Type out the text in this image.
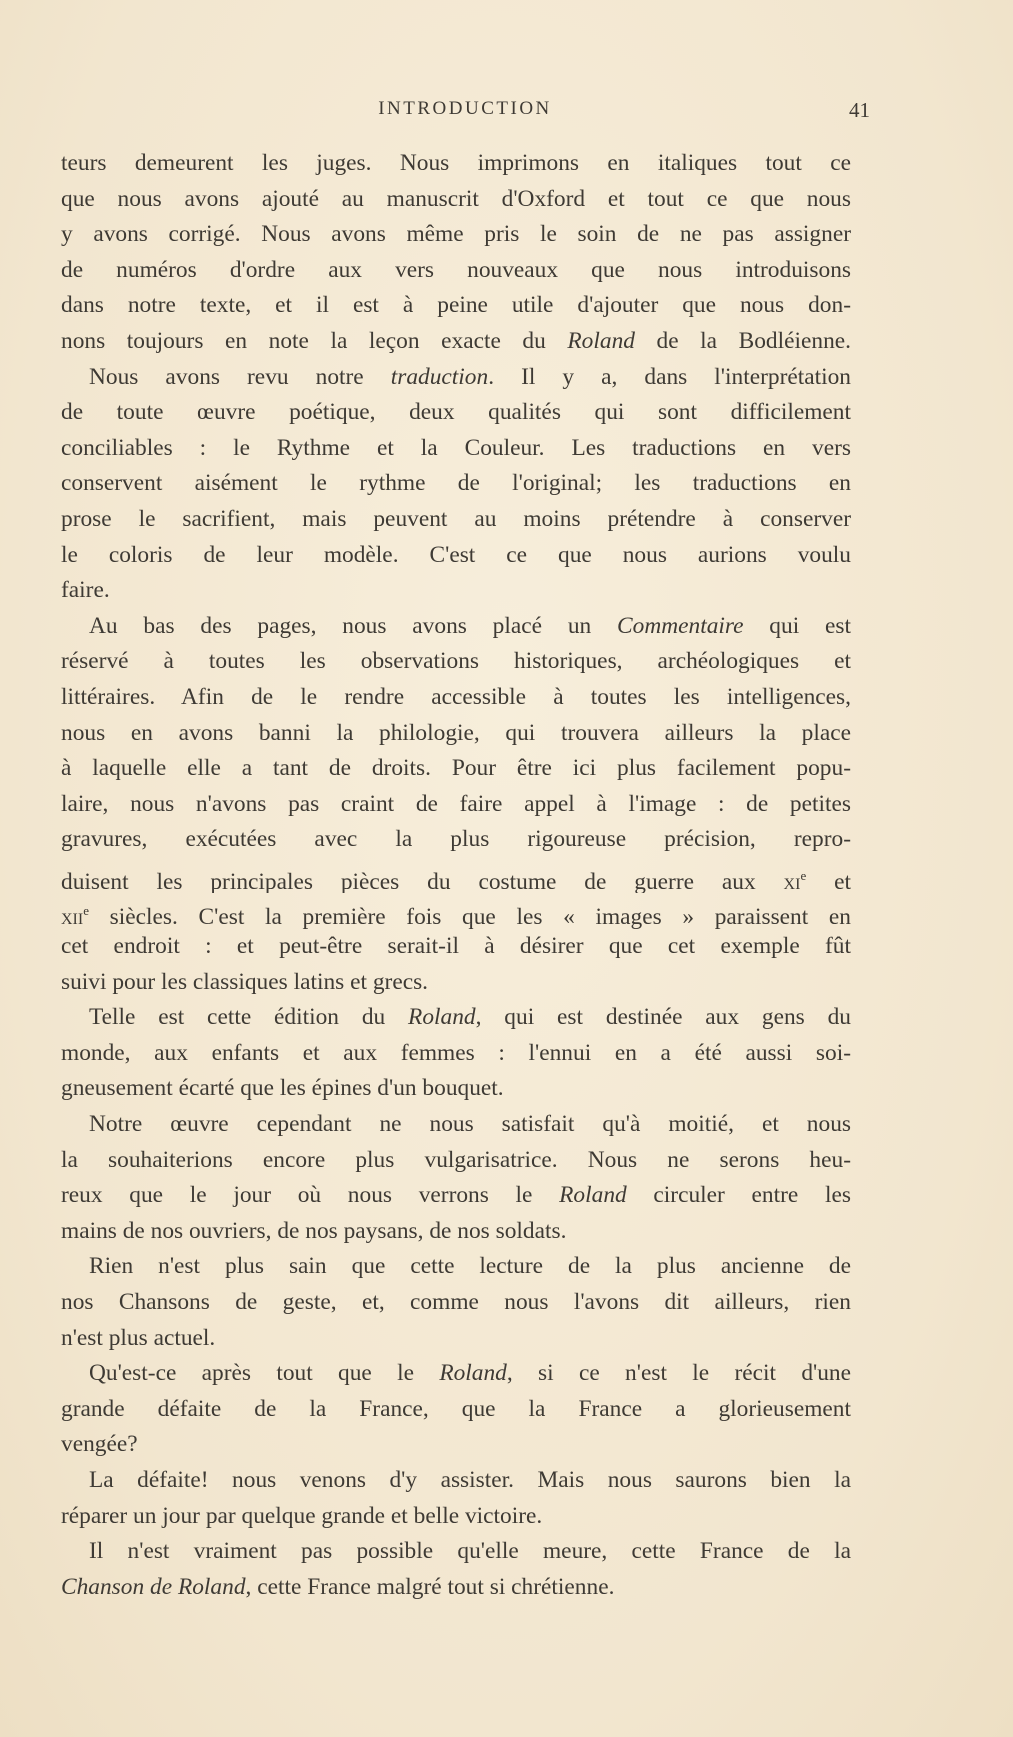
INTRODUCTION	41
teurs demeurent les juges. Nous imprimons en italiques tout ce
que nous avons ajouté au manuscrit d'Oxford et tout ce que nous
y avons corrigé. Nous avons même pris le soin de ne pas assigner
de numéros d'ordre aux vers nouveaux que nous introduisons
dans notre texte, et il est à peine utile d'ajouter que nous don-
nons toujours en note la leçon exacte du Roland de la Bodléienne.
Nous avons revu notre traduction. Il y a, dans l'interprétation
de toute œuvre poétique, deux qualités qui sont difficilement
conciliables : le Rythme et la Couleur. Les traductions en vers
conservent aisément le rythme de l'original; les traductions en
prose le sacrifient, mais peuvent au moins prétendre à conserver
le coloris de leur modèle. C'est ce que nous aurions voulu
faire.
Au bas des pages, nous avons placé un Commentaire qui est
réservé à toutes les observations historiques, archéologiques et
littéraires. Afin de le rendre accessible à toutes les intelligences,
nous en avons banni la philologie, qui trouvera ailleurs la place
à laquelle elle a tant de droits. Pour être ici plus facilement popu-
laire, nous n'avons pas craint de faire appel à l'image : de petites
gravures, exécutées avec la plus rigoureuse précision, repro-
duisent les principales pièces du costume de guerre aux $xi^e$ et
xii$^e$ siècles. C'est la première fois que les « images » paraissent en
cet endroit : et peut-être serait-il à désirer que cet exemple fût
suivi pour les classiques latins et grecs.
Telle est cette édition du Roland, qui est destinée aux gens du
monde, aux enfants et aux femmes : l'ennui en a été aussi soi-
gneusement écarté que les épines d'un bouquet.
Notre œuvre cependant ne nous satisfait qu'à moitié, et nous
la souhaiterions encore plus vulgarisatrice. Nous ne serons heu-
reux que le jour où nous verrons le Roland circuler entre les
mains de nos ouvriers, de nos paysans, de nos soldats.
Rien n'est plus sain que cette lecture de la plus ancienne de
nos Chansons de geste, et, comme nous l'avons dit ailleurs, rien
n'est plus actuel.
Qu'est-ce après tout que le Roland, si ce n'est le récit d'une
grande défaite de la France, que la France a glorieusement
vengée?
La défaite! nous venons d'y assister. Mais nous saurons bien la
réparer un jour par quelque grande et belle victoire.
Il n'est vraiment pas possible qu'elle meure, cette France de la
Chanson de Roland, cette France malgré tout si chrétienne.
